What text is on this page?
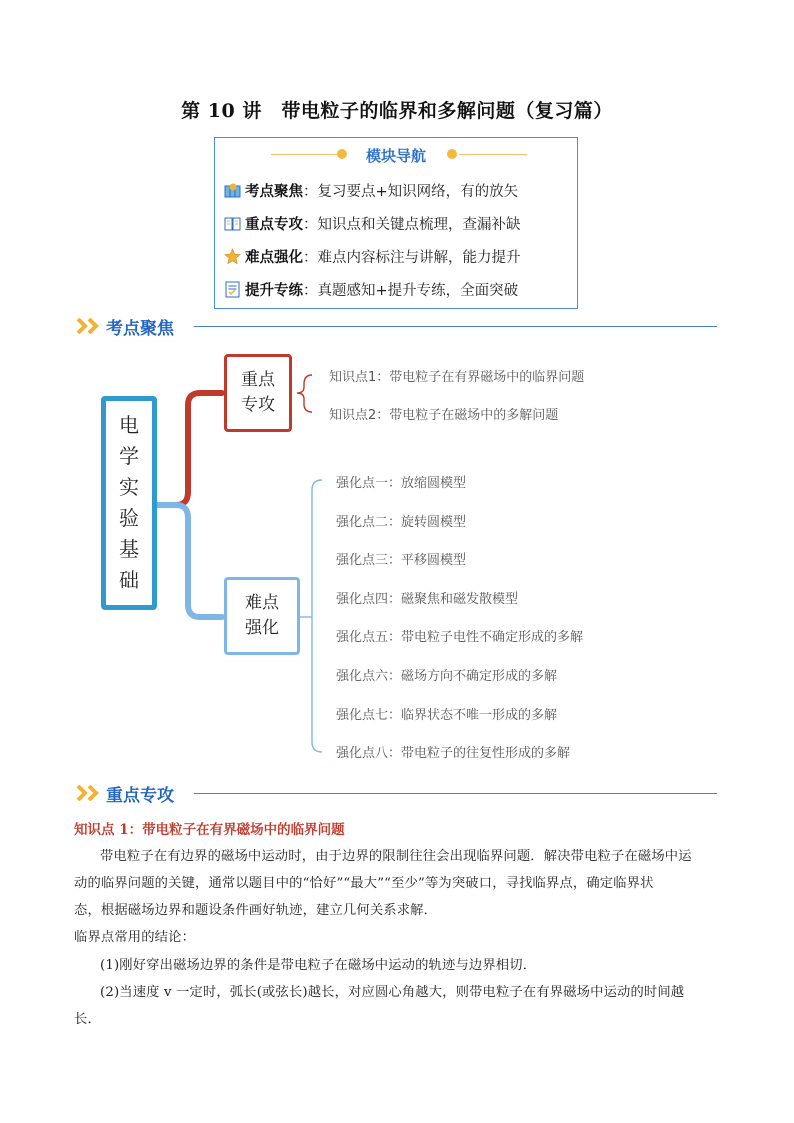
第 10 讲　带电粒子的临界和多解问题（复习篇）
模块导航
考点聚焦 ：复习要点+知识网络，有的放矢
重点专攻 ：知识点和关键点梳理，查漏补缺
难点强化 ：难点内容标注与讲解，能力提升
提升专练 ：真题感知+提升专练，全面突破
考点聚焦
电
学
实
验
基
础
重点
专攻
知识点1：带电粒子在有界磁场中的临界问题
知识点2：带电粒子在磁场中的多解问题
难点
强化
强化点一：放缩圆模型
强化点二：旋转圆模型
强化点三：平移圆模型
强化点四：磁聚焦和磁发散模型
强化点五：带电粒子电性不确定形成的多解
强化点六：磁场方向不确定形成的多解
强化点七：临界状态不唯一形成的多解
强化点八：带电粒子的往复性形成的多解
重点专攻
知识点 1：带电粒子在有界磁场中的临界问题
带电粒子在有边界的磁场中运动时，由于边界的限制往往会出现临界问题．解决带电粒子在磁场中运
动的临界问题的关键，通常以题目中的“恰好”“最大”“至少”等为突破口，寻找临界点，确定临界状
态，根据磁场边界和题设条件画好轨迹，建立几何关系求解．
临界点常用的结论：
(1)刚好穿出磁场边界的条件是带电粒子在磁场中运动的轨迹与边界相切．
(2)当速度 v 一定时，弧长(或弦长)越长，对应圆心角越大，则带电粒子在有界磁场中运动的时间越
长．
